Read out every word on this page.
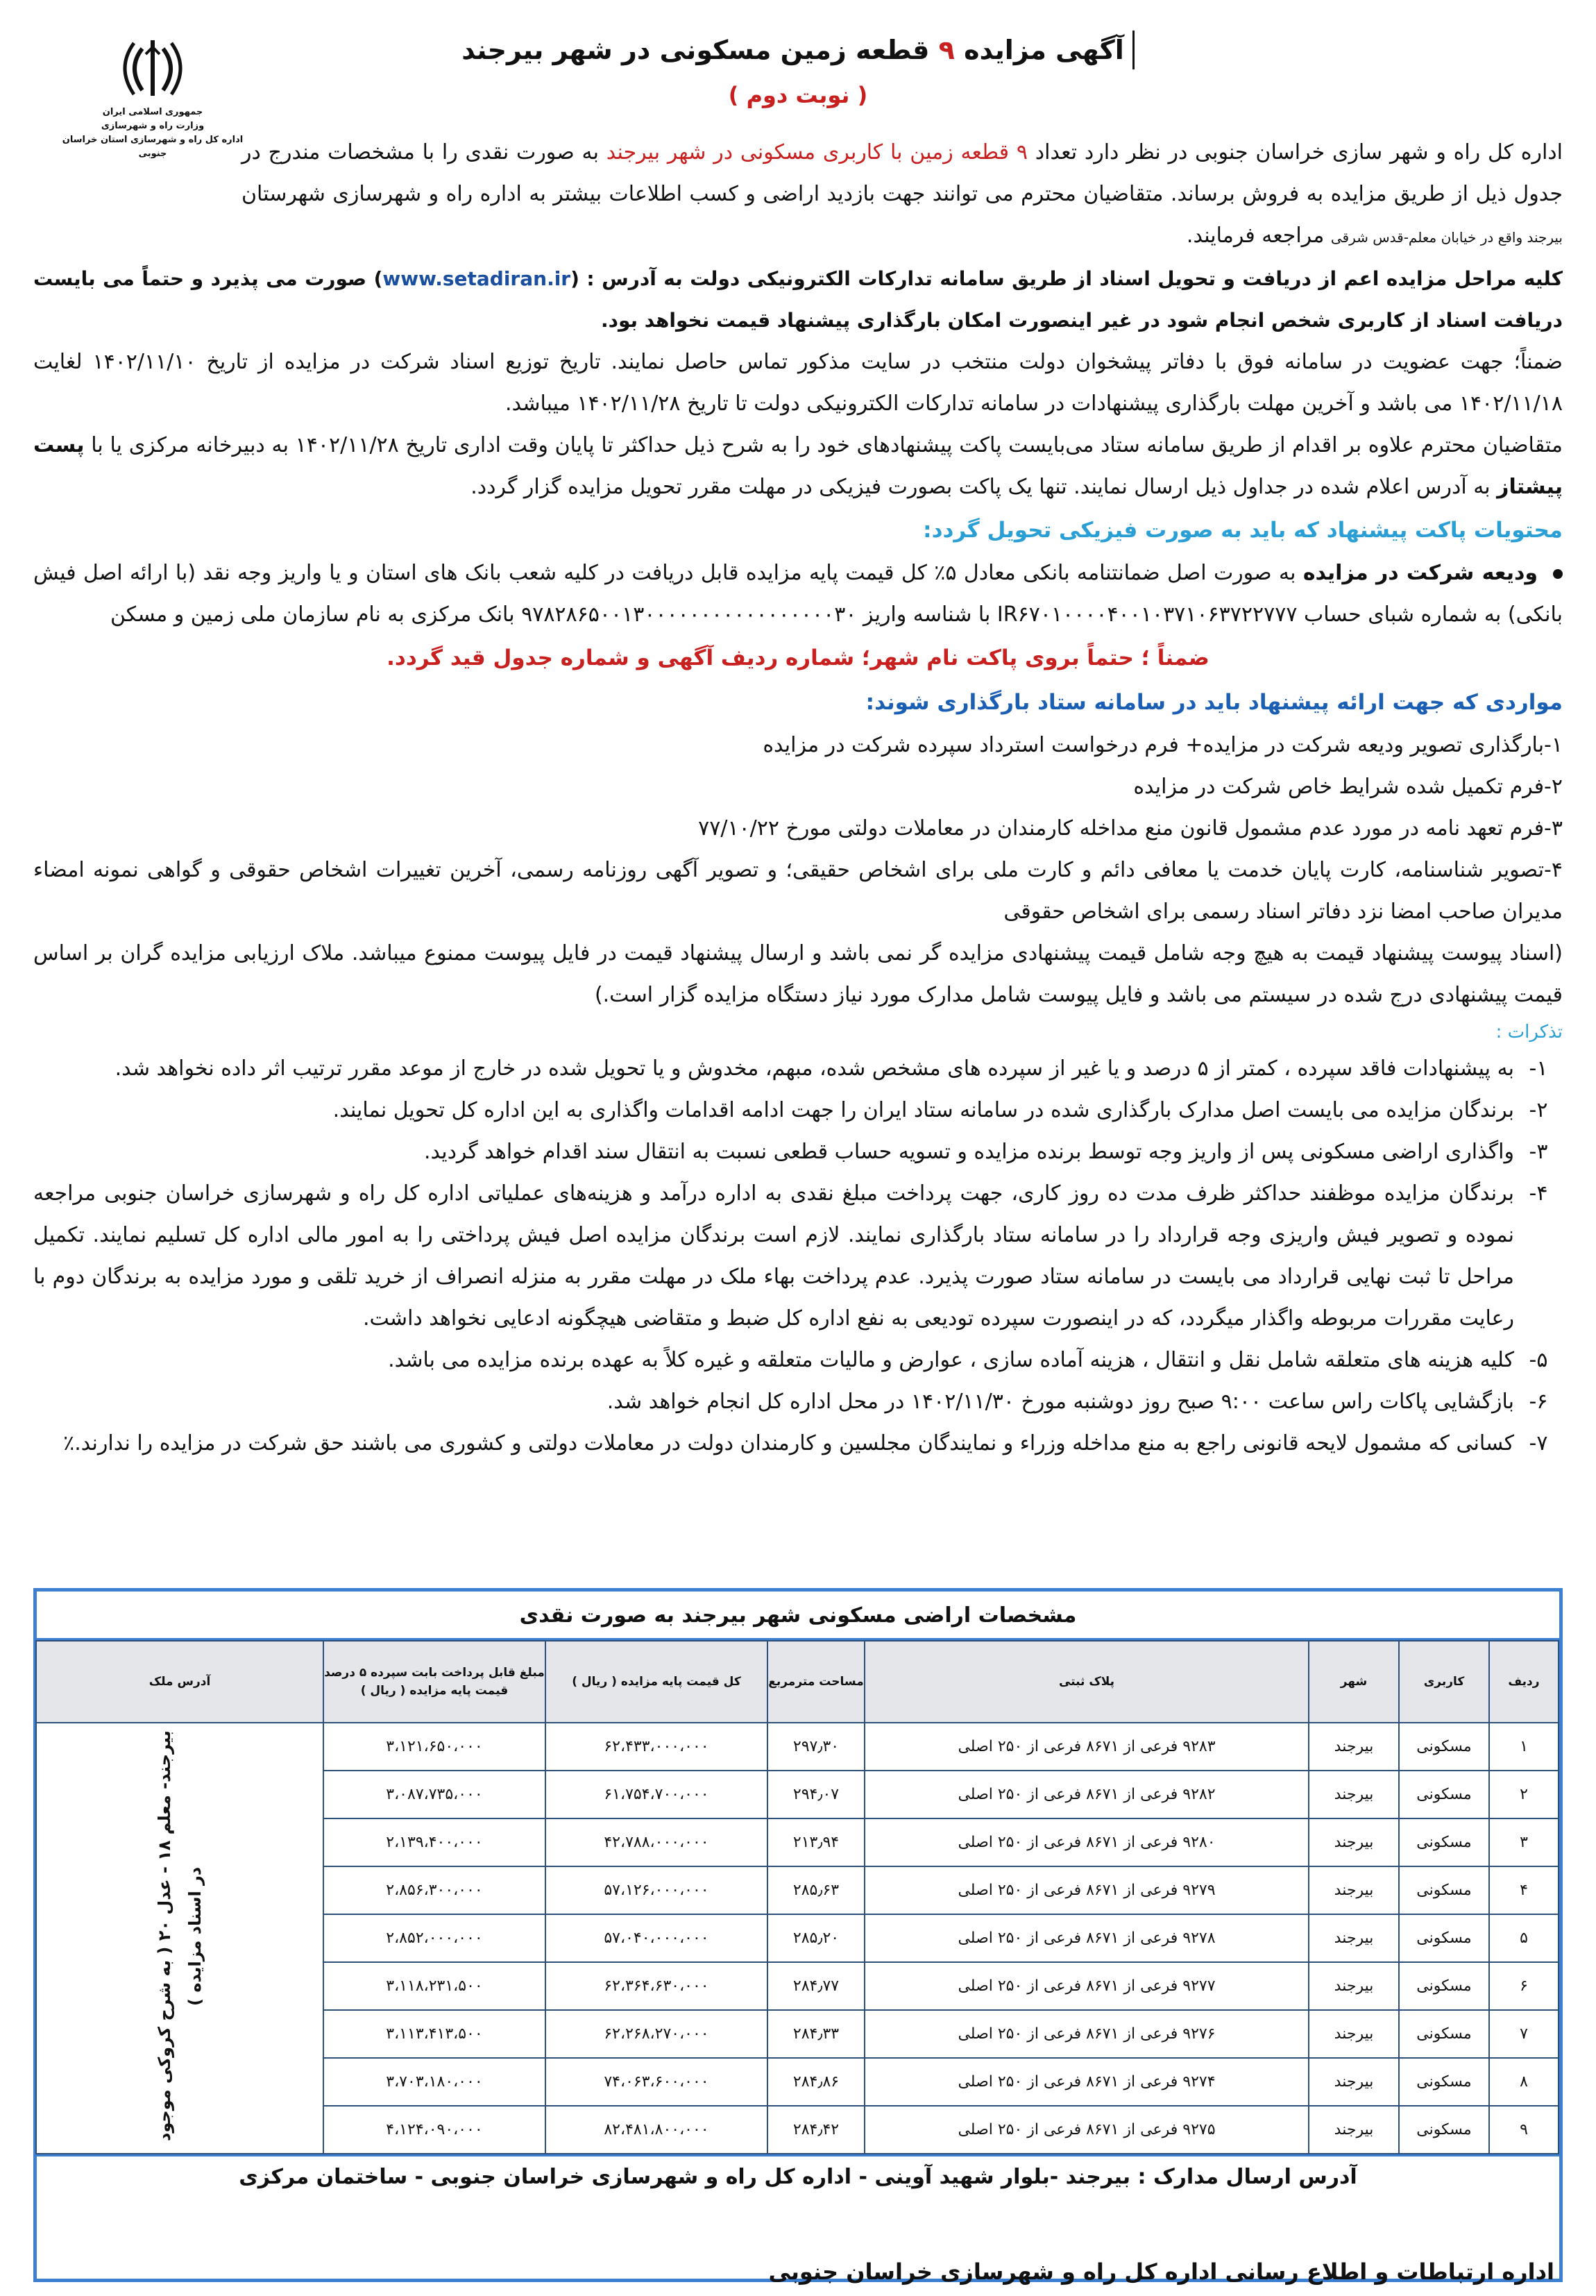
جمهوری اسلامی ایران
وزارت راه و شهرسازی
اداره کل راه و شهرسازی استان خراسان جنوبی
آگهی مزایده ۹ قطعه زمین مسکونی در شهر بیرجند
( نوبت دوم )

اداره کل راه و شهر سازی خراسان جنوبی در نظر دارد تعداد ۹ قطعه زمین با کاربری مسکونی در شهر بیرجند به صورت نقدی را با مشخصات مندرج در جدول ذیل از طریق مزایده به فروش برساند. متقاضیان محترم می توانند جهت بازدید اراضی و کسب اطلاعات بیشتر به اداره راه و شهرسازی شهرستان بیرجند واقع در خیابان معلم-قدس شرقی مراجعه فرمایند.

کلیه مراحل مزایده اعم از دریافت و تحویل اسناد از طریق سامانه تدارکات الکترونیکی دولت به آدرس : (www.setadiran.ir) صورت می پذیرد و حتماً می بایست دریافت اسناد از کاربری شخص انجام شود در غیر اینصورت امکان بارگذاری پیشنهاد قیمت نخواهد بود.

ضمناً؛ جهت عضویت در سامانه فوق با دفاتر پیشخوان دولت منتخب در سایت مذکور تماس حاصل نمایند. تاریخ توزیع اسناد شرکت در مزایده از تاریخ ۱۴۰۲/۱۱/۱۰ لغایت ۱۴۰۲/۱۱/۱۸ می باشد و آخرین مهلت بارگذاری پیشنهادات در سامانه تدارکات الکترونیکی دولت تا تاریخ ۱۴۰۲/۱۱/۲۸ میباشد.

متقاضیان محترم علاوه بر اقدام از طریق سامانه ستاد می‌بایست پاکت پیشنهادهای خود را به شرح ذیل حداکثر تا پایان وقت اداری تاریخ ۱۴۰۲/۱۱/۲۸ به دبیرخانه مرکزی یا با پست پیشتاز به آدرس اعلام شده در جداول ذیل ارسال نمایند. تنها یک پاکت بصورت فیزیکی در مهلت مقرر تحویل مزایده گزار گردد.

محتویات پاکت پیشنهاد که باید به صورت فیزیکی تحویل گردد:

ودیعه شرکت در مزایده به صورت اصل ضمانتنامه بانکی معادل ۵٪ کل قیمت پایه مزایده قابل دریافت در کلیه شعب بانک های استان و یا واریز وجه نقد (با ارائه اصل فیش بانکی) به شماره شبای حساب IR۶۷۰۱۰۰۰۰۴۰۰۱۰۳۷۱۰۶۳۷۲۲۷۷۷ با شناسه واریز ۹۷۸۲۸۶۵۰۰۱۳۰۰۰۰۰۰۰۰۰۰۰۰۰۰۰۰۰۳۰ بانک مرکزی به نام سازمان ملی زمین و مسکن

ضمناً ؛ حتماً بروی پاکت نام شهر؛ شماره ردیف آگهی و شماره جدول قید گردد.
مواردی که جهت ارائه پیشنهاد باید در سامانه ستاد بارگذاری شوند:

۱-بارگذاری تصویر ودیعه شرکت در مزایده+ فرم درخواست استرداد سپرده شرکت در مزایده

۲-فرم تکمیل شده شرایط خاص شرکت در مزایده

۳-فرم تعهد نامه در مورد عدم مشمول قانون منع مداخله کارمندان در معاملات دولتی مورخ ۷۷/۱۰/۲۲

۴-تصویر شناسنامه، کارت پایان خدمت یا معافی دائم و کارت ملی برای اشخاص حقیقی؛ و تصویر آگهی روزنامه رسمی، آخرین تغییرات اشخاص حقوقی و گواهی نمونه امضاء مدیران صاحب امضا نزد دفاتر اسناد رسمی برای اشخاص حقوقی

(اسناد پیوست پیشنهاد قیمت به هیچ وجه شامل قیمت پیشنهادی مزایده گر نمی باشد و ارسال پیشنهاد قیمت در فایل پیوست ممنوع میباشد. ملاک ارزیابی مزایده گران بر اساس قیمت پیشنهادی درج شده در سیستم می باشد و فایل پیوست شامل مدارک مورد نیاز دستگاه مزایده گزار است.)

تذکرات :
۱-
به پیشنهادات فاقد سپرده ، کمتر از ۵ درصد و یا غیر از سپرده های مشخص شده، مبهم، مخدوش و یا تحویل شده در خارج از موعد مقرر ترتیب اثر داده نخواهد شد.
۲-
برندگان مزایده می بایست اصل مدارک بارگذاری شده در سامانه ستاد ایران را جهت ادامه اقدامات واگذاری به این اداره کل تحویل نمایند.
۳-
واگذاری اراضی مسکونی پس از واریز وجه توسط برنده مزایده و تسویه حساب قطعی نسبت به انتقال سند اقدام خواهد گردید.
۴-
برندگان مزایده موظفند حداکثر ظرف مدت ده روز کاری، جهت پرداخت مبلغ نقدی به اداره درآمد و هزینه‌های عملیاتی اداره کل راه و شهرسازی خراسان جنوبی مراجعه نموده و تصویر فیش واریزی وجه قرارداد را در سامانه ستاد بارگذاری نمایند. لازم است برندگان مزایده اصل فیش پرداختی را به امور مالی اداره کل تسلیم نمایند. تکمیل مراحل تا ثبت نهایی قرارداد می بایست در سامانه ستاد صورت پذیرد. عدم پرداخت بهاء ملک در مهلت مقرر به منزله انصراف از خرید تلقی و مورد مزایده به برندگان دوم با رعایت مقررات مربوطه واگذار میگردد، که در اینصورت سپرده تودیعی به نفع اداره کل ضبط و متقاضی هیچگونه ادعایی نخواهد داشت.
۵-
کلیه هزینه های متعلقه شامل نقل و انتقال ، هزینه آماده سازی ، عوارض و مالیات متعلقه و غیره کلاً به عهده برنده مزایده می باشد.
۶-
بازگشایی پاکات راس ساعت ۹:۰۰ صبح روز دوشنبه مورخ ۱۴۰۲/۱۱/۳۰ در محل اداره کل انجام خواهد شد.
۷-
کسانی که مشمول لایحه قانونی راجع به منع مداخله وزراء و نمایندگان مجلسین و کارمندان دولت در معاملات دولتی و کشوری می باشند حق شرکت در مزایده را ندارند.٪
مشخصات اراضی مسکونی شهر بیرجند به صورت نقدی
ردیف	کاربری	شهر	پلاک ثبتی	مساحت مترمربع	کل قیمت پایه مزایده ( ریال )	مبلغ قابل پرداخت بابت سپرده ۵ درصد قیمت پایه مزایده ( ریال )	آدرس ملک
۱	مسکونی	بیرجند	۹۲۸۳ فرعی از ۸۶۷۱ فرعی از ۲۵۰ اصلی	۲۹۷٫۳۰	۶۲،۴۳۳،۰۰۰،۰۰۰	۳،۱۲۱،۶۵۰،۰۰۰	بیرجند- معلم ۱۸ - عدل ۲۰ ( به شرح کروکی موجود در اسناد مزایده )
۲	مسکونی	بیرجند	۹۲۸۲ فرعی از ۸۶۷۱ فرعی از ۲۵۰ اصلی	۲۹۴٫۰۷	۶۱،۷۵۴،۷۰۰،۰۰۰	۳،۰۸۷،۷۳۵،۰۰۰	
۳	مسکونی	بیرجند	۹۲۸۰ فرعی از ۸۶۷۱ فرعی از ۲۵۰ اصلی	۲۱۳٫۹۴	۴۲،۷۸۸،۰۰۰،۰۰۰	۲،۱۳۹،۴۰۰،۰۰۰	
۴	مسکونی	بیرجند	۹۲۷۹ فرعی از ۸۶۷۱ فرعی از ۲۵۰ اصلی	۲۸۵٫۶۳	۵۷،۱۲۶،۰۰۰،۰۰۰	۲،۸۵۶،۳۰۰،۰۰۰	
۵	مسکونی	بیرجند	۹۲۷۸ فرعی از ۸۶۷۱ فرعی از ۲۵۰ اصلی	۲۸۵٫۲۰	۵۷،۰۴۰،۰۰۰،۰۰۰	۲،۸۵۲،۰۰۰،۰۰۰	
۶	مسکونی	بیرجند	۹۲۷۷ فرعی از ۸۶۷۱ فرعی از ۲۵۰ اصلی	۲۸۴٫۷۷	۶۲،۳۶۴،۶۳۰،۰۰۰	۳،۱۱۸،۲۳۱،۵۰۰	
۷	مسکونی	بیرجند	۹۲۷۶ فرعی از ۸۶۷۱ فرعی از ۲۵۰ اصلی	۲۸۴٫۳۳	۶۲،۲۶۸،۲۷۰،۰۰۰	۳،۱۱۳،۴۱۳،۵۰۰	
۸	مسکونی	بیرجند	۹۲۷۴ فرعی از ۸۶۷۱ فرعی از ۲۵۰ اصلی	۲۸۴٫۸۶	۷۴،۰۶۳،۶۰۰،۰۰۰	۳،۷۰۳،۱۸۰،۰۰۰	
۹	مسکونی	بیرجند	۹۲۷۵ فرعی از ۸۶۷۱ فرعی از ۲۵۰ اصلی	۲۸۴٫۴۲	۸۲،۴۸۱،۸۰۰،۰۰۰	۴،۱۲۴،۰۹۰،۰۰۰	
آدرس ارسال مدارک : بیرجند -بلوار شهید آوینی - اداره کل راه و شهرسازی خراسان جنوبی - ساختمان مرکزی
اداره ارتباطات و اطلاع رسانی اداره کل راه و شهرسازی خراسان جنوبی
